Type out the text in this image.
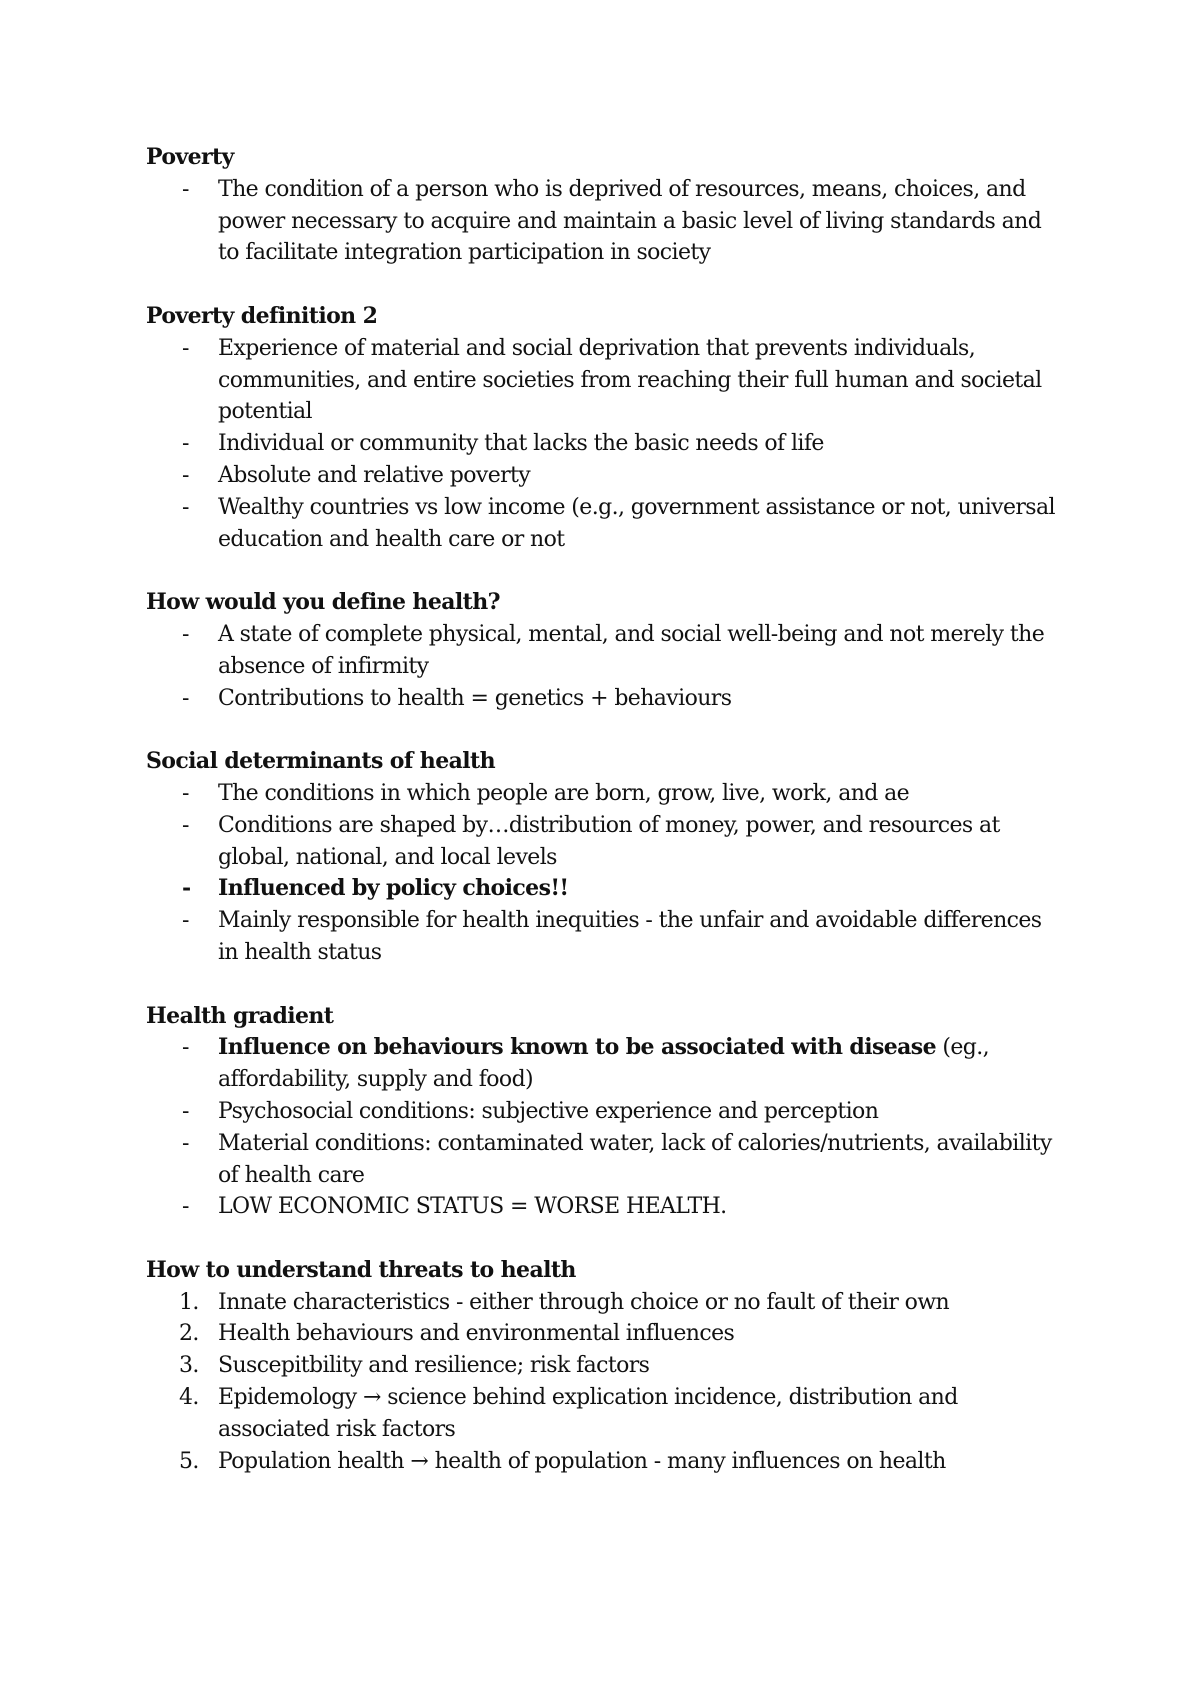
Poverty

-	The condition of a person who is deprived of resources, means, choices, and power necessary to acquire and maintain a basic level of living standards and to facilitate integration participation in society

Poverty definition 2

-	Experience of material and social deprivation that prevents individuals, communities, and entire societies from reaching their full human and societal potential

-	Individual or community that lacks the basic needs of life

-	Absolute and relative poverty

-	Wealthy countries vs low income (e.g., government assistance or not, universal education and health care or not

How would you define health?

-	A state of complete physical, mental, and social well-being and not merely the absence of infirmity

-	Contributions to health = genetics + behaviours

Social determinants of health

-	The conditions in which people are born, grow, live, work, and ae

-	Conditions are shaped by…distribution of money, power, and resources at global, national, and local levels

-	Influenced by policy choices!!

-	Mainly responsible for health inequities - the unfair and avoidable differences in health status

Health gradient

-	Influence on behaviours known to be associated with disease (eg., affordability, supply and food)

-	Psychosocial conditions: subjective experience and perception

-	Material conditions: contaminated water, lack of calories/nutrients, availability of health care

-	LOW ECONOMIC STATUS = WORSE HEALTH.

How to understand threats to health

1. Innate characteristics - either through choice or no fault of their own

2. Health behaviours and environmental influences

3. Suscepitbility and resilience; risk factors

4. Epidemology → science behind explication incidence, distribution and associated risk factors

5. Population health → health of population - many influences on health
